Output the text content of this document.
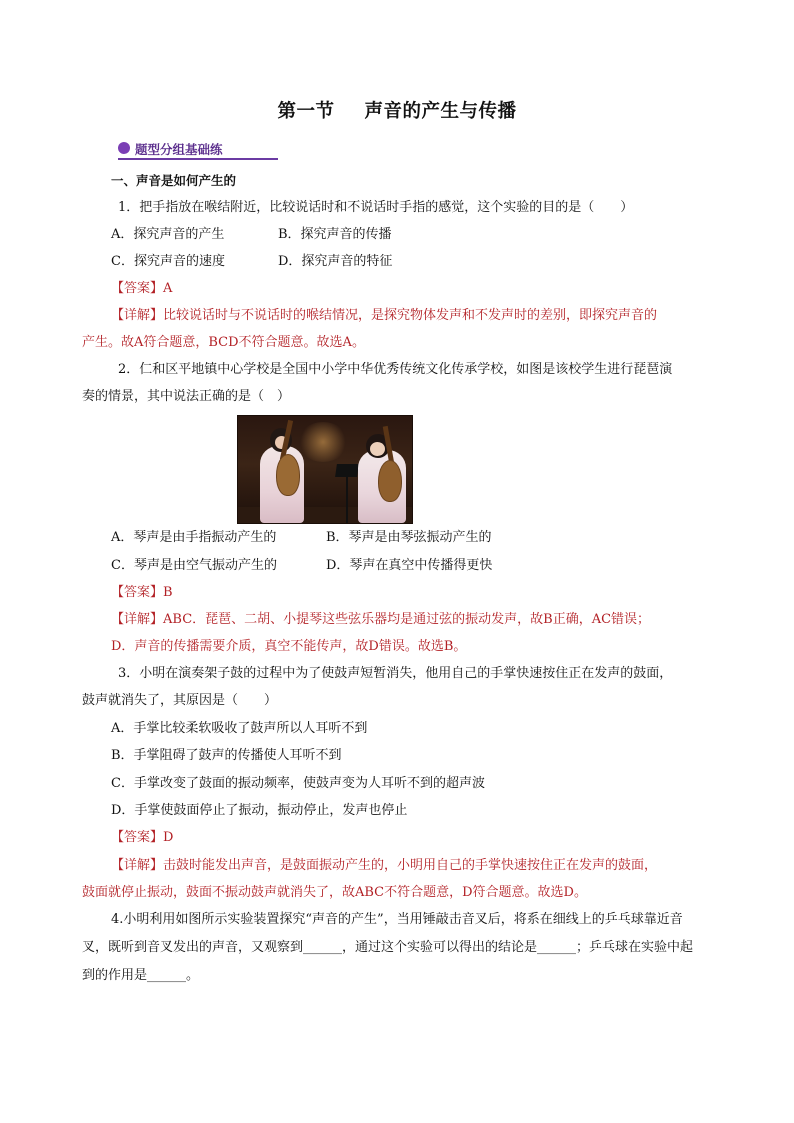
第一节 声音的产生与传播
题型分组基础练
一、声音是如何产生的
1．把手指放在喉结附近，比较说话时和不说话时手指的感觉，这个实验的目的是（　　）
A．探究声音的产生	B．探究声音的传播
C．探究声音的速度	D．探究声音的特征
【答案】A
【详解】比较说话时与不说话时的喉结情况，是探究物体发声和不发声时的差别，即探究声音的
产生。故A符合题意，BCD不符合题意。故选A。
2．仁和区平地镇中心学校是全国中小学中华优秀传统文化传承学校，如图是该校学生进行琵琶演
奏的情景，其中说法正确的是（　）
A．琴声是由手指振动产生的	B．琴声是由琴弦振动产生的
C．琴声是由空气振动产生的	D．琴声在真空中传播得更快
【答案】B
【详解】ABC．琵琶、二胡、小提琴这些弦乐器均是通过弦的振动发声，故B正确，AC错误；
D．声音的传播需要介质，真空不能传声，故D错误。故选B。
3．小明在演奏架子鼓的过程中为了使鼓声短暂消失，他用自己的手掌快速按住正在发声的鼓面，
鼓声就消失了，其原因是（　　）
A．手掌比较柔软吸收了鼓声所以人耳听不到
B．手掌阻碍了鼓声的传播使人耳听不到
C．手掌改变了鼓面的振动频率，使鼓声变为人耳听不到的超声波
D．手掌使鼓面停止了振动，振动停止，发声也停止
【答案】D
【详解】击鼓时能发出声音，是鼓面振动产生的，小明用自己的手掌快速按住正在发声的鼓面，
鼓面就停止振动，鼓面不振动鼓声就消失了，故ABC不符合题意，D符合题意。故选D。
4.小明利用如图所示实验装置探究“声音的产生”，当用锤敲击音叉后，将系在细线上的乒乓球靠近音
叉，既听到音叉发出的声音，又观察到______，通过这个实验可以得出的结论是______；乒乓球在实验中起
到的作用是______。
